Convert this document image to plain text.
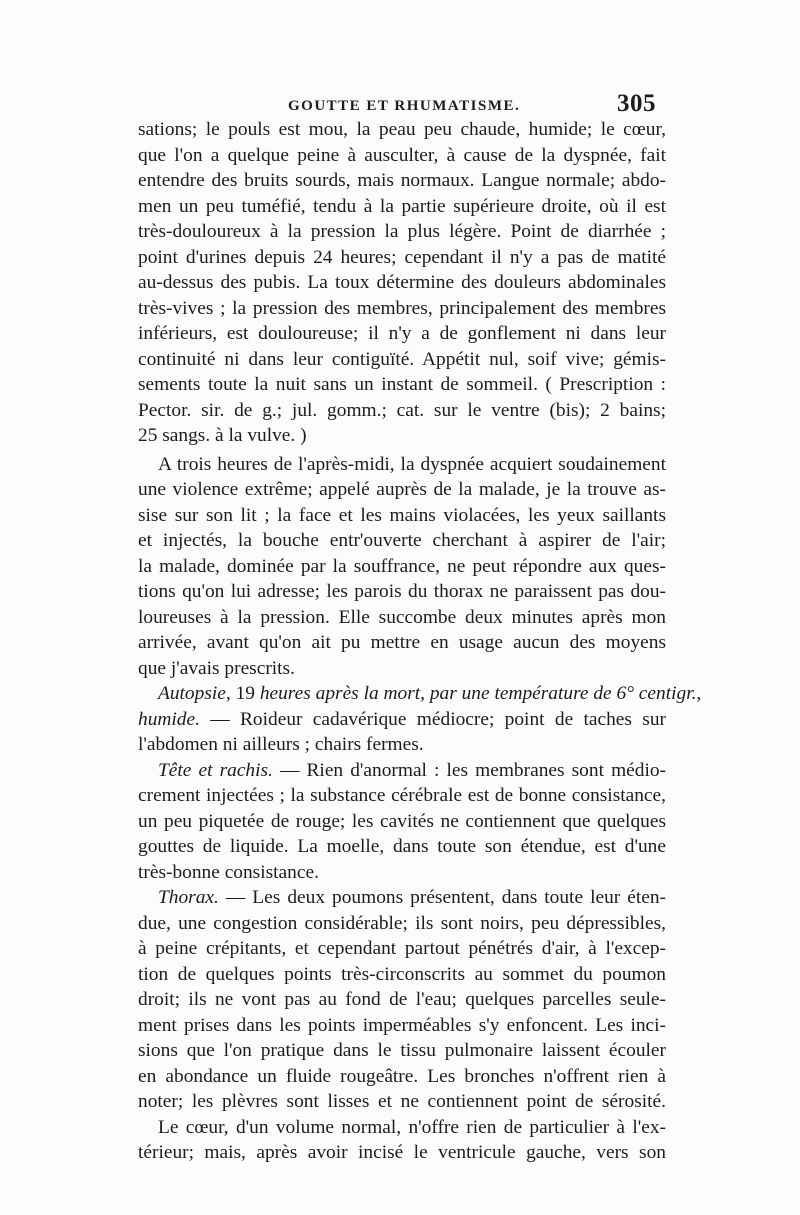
GOUTTE ET RHUMATISME.	305
sations; le pouls est mou, la peau peu chaude, humide; le cœur,
que l'on a quelque peine à ausculter, à cause de la dyspnée, fait
entendre des bruits sourds, mais normaux. Langue normale; abdo-
men un peu tuméfié, tendu à la partie supérieure droite, où il est
très-douloureux à la pression la plus légère. Point de diarrhée ;
point d'urines depuis 24 heures; cependant il n'y a pas de matité
au-dessus des pubis. La toux détermine des douleurs abdominales
très-vives ; la pression des membres, principalement des membres
inférieurs, est douloureuse; il n'y a de gonflement ni dans leur
continuité ni dans leur contiguïté. Appétit nul, soif vive; gémis-
sements toute la nuit sans un instant de sommeil. ( Prescription :
Pector. sir. de g.; jul. gomm.; cat. sur le ventre (bis); 2 bains;
25 sangs. à la vulve. )
A trois heures de l'après-midi, la dyspnée acquiert soudainement
une violence extrême; appelé auprès de la malade, je la trouve as-
sise sur son lit ; la face et les mains violacées, les yeux saillants
et injectés, la bouche entr'ouverte cherchant à aspirer de l'air;
la malade, dominée par la souffrance, ne peut répondre aux ques-
tions qu'on lui adresse; les parois du thorax ne paraissent pas dou-
loureuses à la pression. Elle succombe deux minutes après mon
arrivée, avant qu'on ait pu mettre en usage aucun des moyens
que j'avais prescrits.
Autopsie, 19 heures après la mort, par une température de 6° centigr.,
humide. — Roideur cadavérique médiocre; point de taches sur
l'abdomen ni ailleurs ; chairs fermes.
Tête et rachis. — Rien d'anormal : les membranes sont médio-
crement injectées ; la substance cérébrale est de bonne consistance,
un peu piquetée de rouge; les cavités ne contiennent que quelques
gouttes de liquide. La moelle, dans toute son étendue, est d'une
très-bonne consistance.
Thorax. — Les deux poumons présentent, dans toute leur éten-
due, une congestion considérable; ils sont noirs, peu dépressibles,
à peine crépitants, et cependant partout pénétrés d'air, à l'excep-
tion de quelques points très-circonscrits au sommet du poumon
droit; ils ne vont pas au fond de l'eau; quelques parcelles seule-
ment prises dans les points imperméables s'y enfoncent. Les inci-
sions que l'on pratique dans le tissu pulmonaire laissent écouler
en abondance un fluide rougeâtre. Les bronches n'offrent rien à
noter; les plèvres sont lisses et ne contiennent point de sérosité.
Le cœur, d'un volume normal, n'offre rien de particulier à l'ex-
térieur; mais, après avoir incisé le ventricule gauche, vers son
